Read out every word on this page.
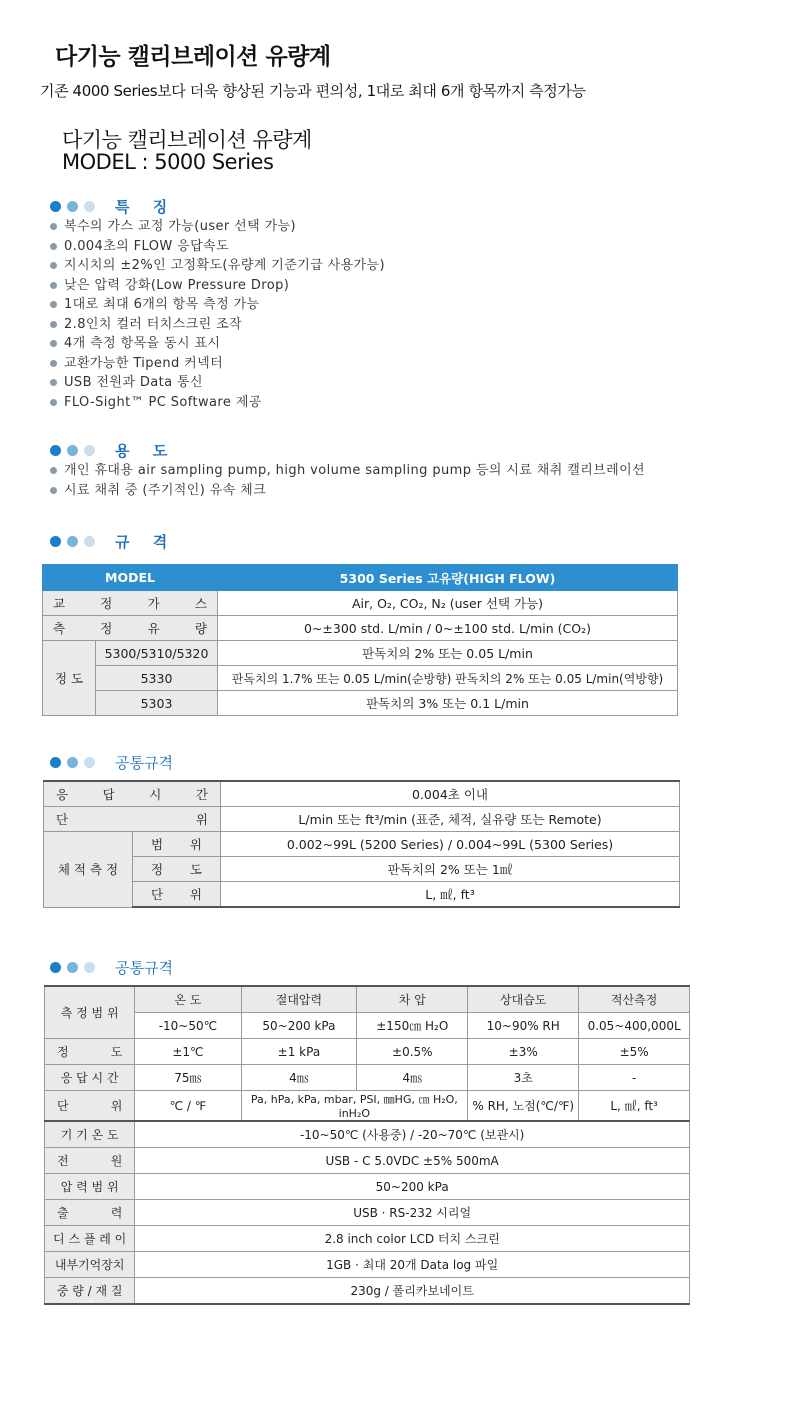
다기능 캘리브레이션 유량계
기존 4000 Series보다 더욱 향상된 기능과 편의성, 1대로 최대 6개 항목까지 측정가능
다기능 캘리브레이션 유량계
MODEL : 5000 Series
특 징
복수의 가스 교정 가능(user 선택 가능)
0.004초의 FLOW 응답속도
지시치의 ±2%인 고정확도(유량계 기준기급 사용가능)
낮은 압력 강화(Low Pressure Drop)
1대로 최대 6개의 항목 측정 가능
2.8인치 컬러 터치스크린 조작
4개 측정 항목을 동시 표시
교환가능한 Tipend 커넥터
USB 전원과 Data 통신
FLO-Sight™ PC Software 제공
용 도
개인 휴대용 air sampling pump, high volume sampling pump 등의 시료 채취 캘리브레이션
시료 채취 중 (주기적인) 유속 체크
규 격
MODEL		5300 Series 고유량(HIGH FLOW)

교 정 가 스		Air, O₂, CO₂, N₂ (user 선택 가능)

측 정 유 량		0~±300 std. L/min / 0~±100 std. L/min (CO₂)
정 도	5300/5310/5320	판독치의 2% 또는 0.05 L/min
	5330	판독치의 1.7% 또는 0.05 L/min(순방향) 판독치의 2% 또는 0.05 L/min(역방향)
	5303	판독치의 3% 또는 0.1 L/min
공통규격
응 답 시 간		0.004초 이내

단 위		L/min 또는 ft³/min (표준, 체적, 실유량 또는 Remote)
체 적 측 정	범 위	0.002~99L (5200 Series) / 0.004~99L (5300 Series)

	정 도	판독치의 2% 또는 1㎖

	단 위	L, ㎖, ft³
공통규격
측 정 범 위	온 도	절대압력	차 압	상대습도	적산측정
	-10~50℃	50~200 kPa	±150㎝ H₂O	10~90% RH	0.05~400,000L

정 도	±1℃	±1 kPa	±0.5%	±3%	±5%
응 답 시 간	75㎳	4㎳	4㎳	3초	-

단 위	℃ / ℉	Pa, hPa, kPa, mbar, PSI, ㎜HG, ㎝ H₂O, inH₂O		% RH, 노점(℃/℉)	L, ㎖, ft³
기 기 온 도	-10~50℃ (사용중) / -20~70℃ (보관시)				

전 원	USB - C 5.0VDC ±5% 500mA				
압 력 범 위	50~200 kPa				

출 력	USB · RS-232 시리얼				
디 스 플 레 이	2.8 inch color LCD 터치 스크린				
내부기억장치	1GB · 최대 20개 Data log 파일				
중 량 / 재 질	230g / 폴리카보네이트				
